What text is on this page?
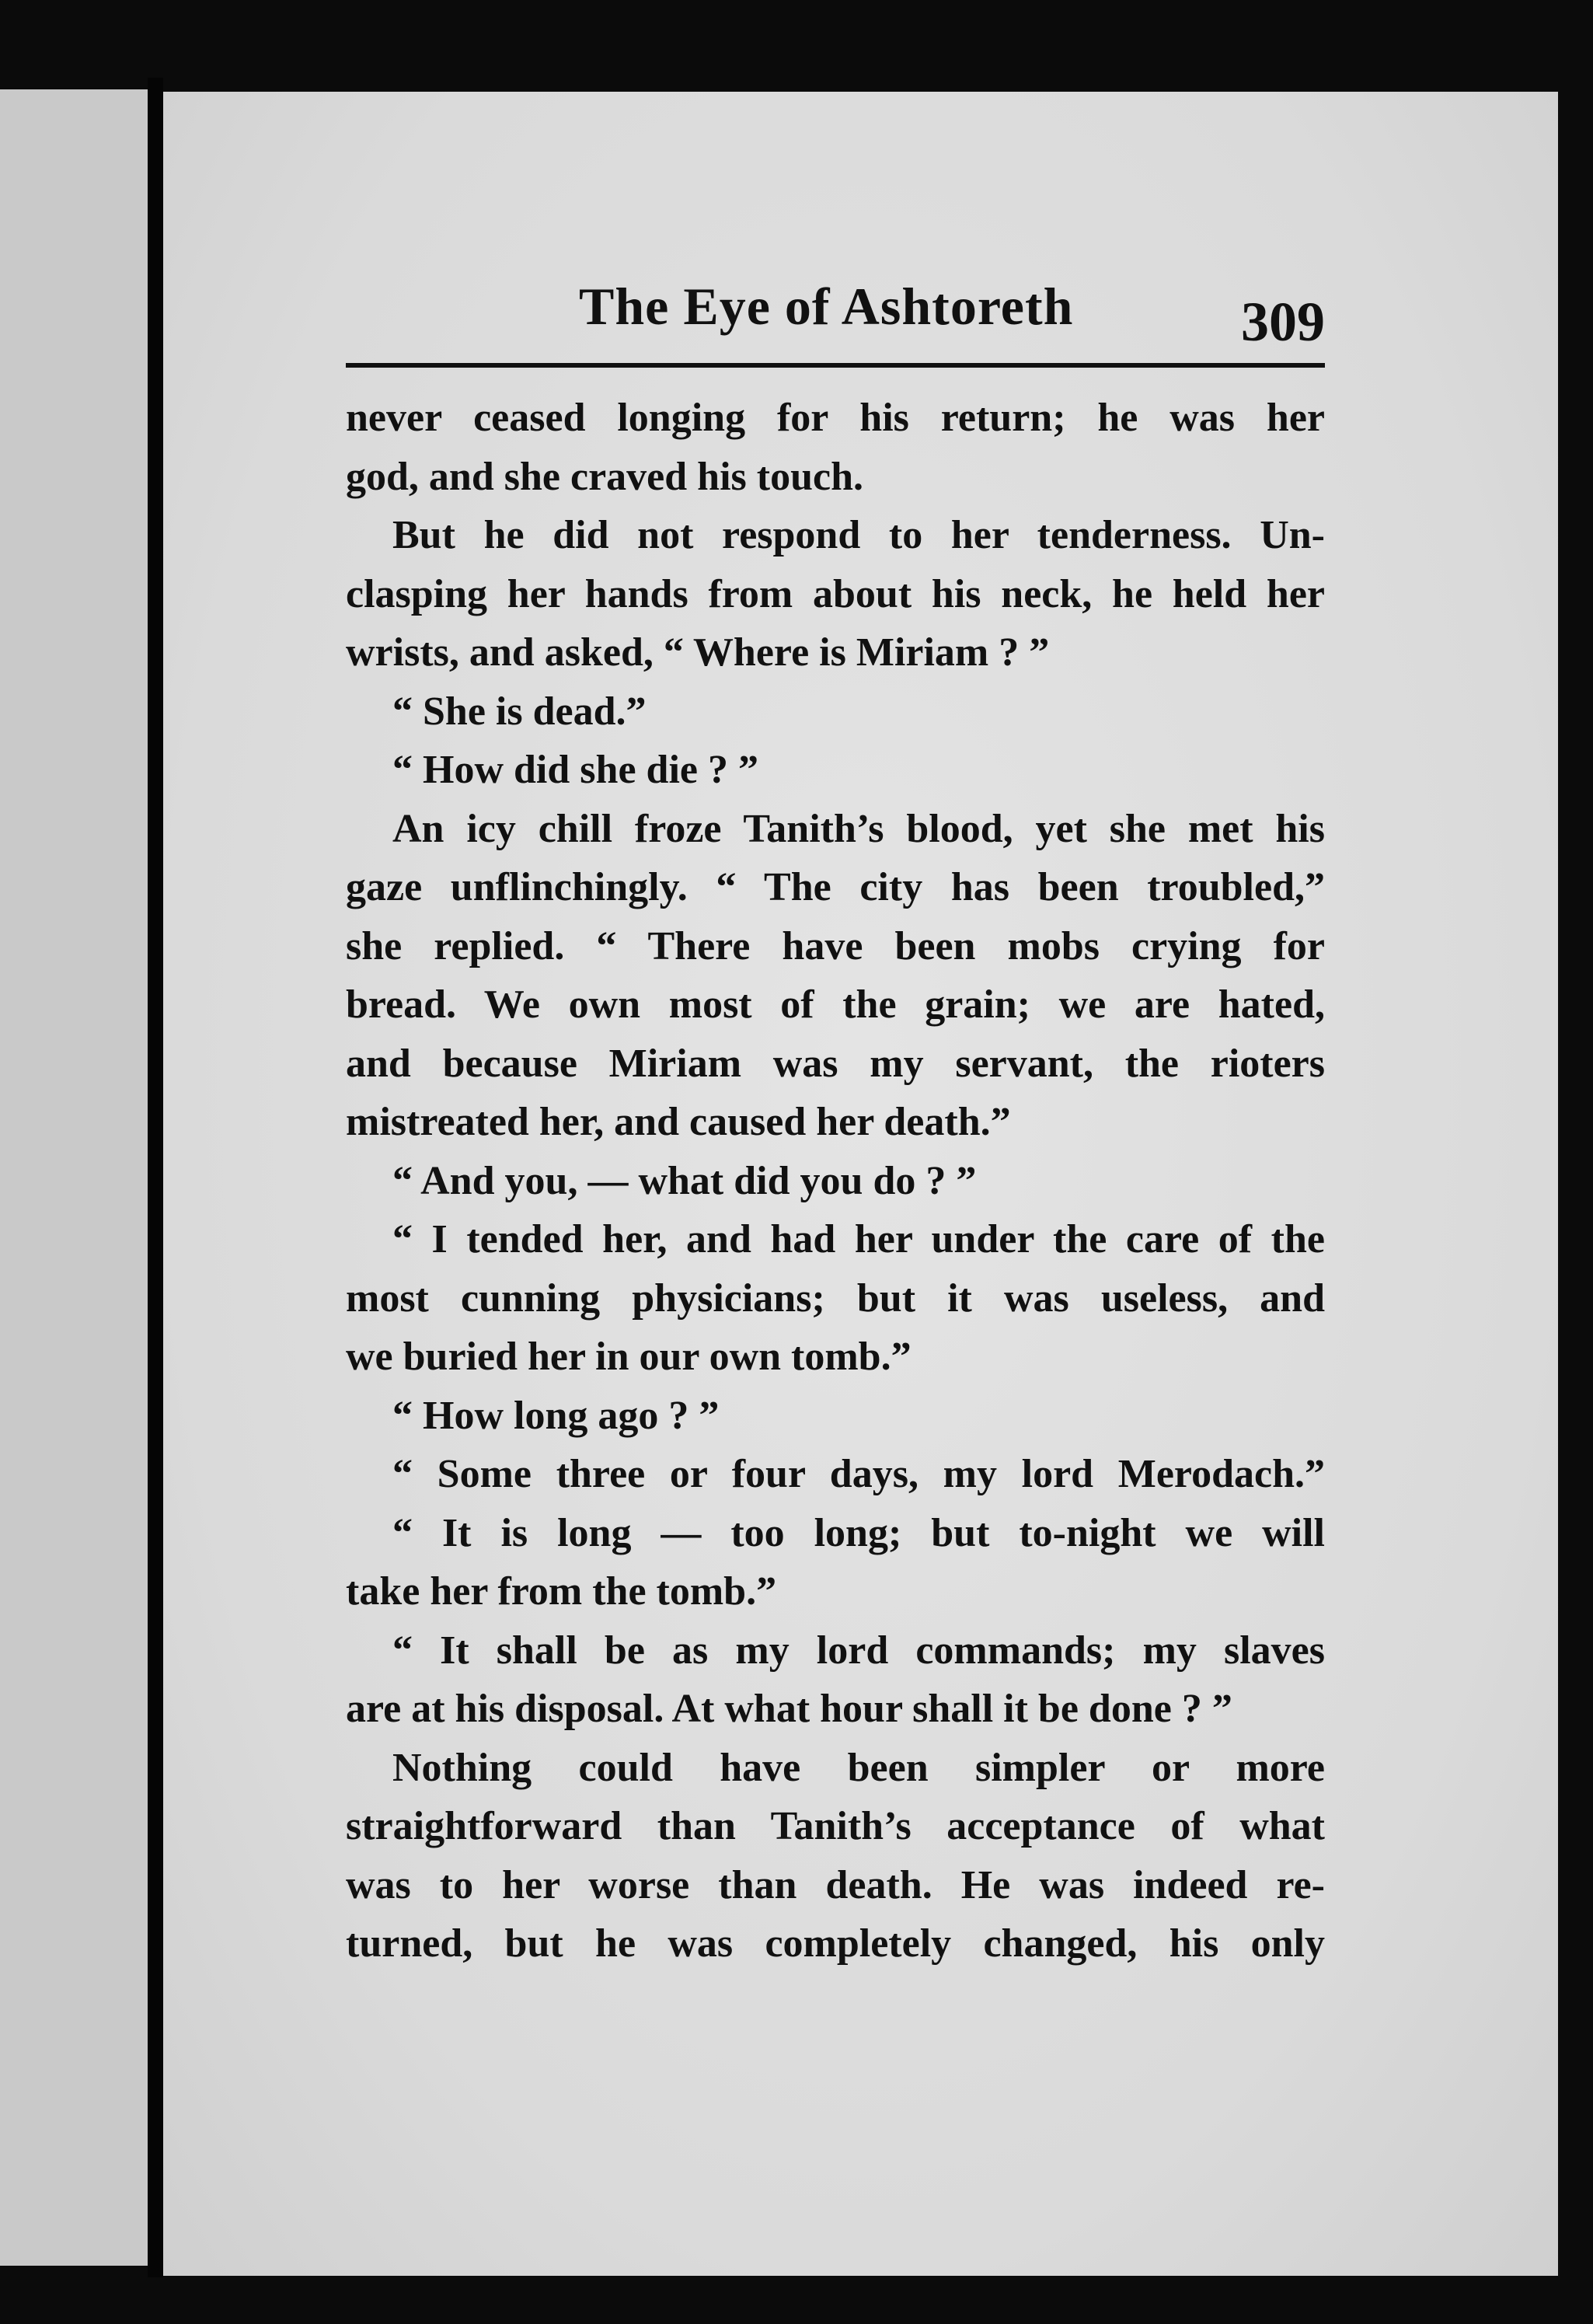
The Eye of Ashtoreth	309
never ceased longing for his return; he was her
god, and she craved his touch.
But he did not respond to her tenderness. Un-
clasping her hands from about his neck, he held her
wrists, and asked, “ Where is Miriam ? ”
“ She is dead.”
“ How did she die ? ”
An icy chill froze Tanith’s blood, yet she met his
gaze unflinchingly. “ The city has been troubled,”
she replied. “ There have been mobs crying for
bread. We own most of the grain; we are hated,
and because Miriam was my servant, the rioters
mistreated her, and caused her death.”
“ And you, — what did you do ? ”
“ I tended her, and had her under the care of the
most cunning physicians; but it was useless, and
we buried her in our own tomb.”
“ How long ago ? ”
“ Some three or four days, my lord Merodach.”
“ It is long — too long; but to-night we will
take her from the tomb.”
“ It shall be as my lord commands; my slaves
are at his disposal. At what hour shall it be done ? ”
Nothing could have been simpler or more
straightforward than Tanith’s acceptance of what
was to her worse than death. He was indeed re-
turned, but he was completely changed, his only
